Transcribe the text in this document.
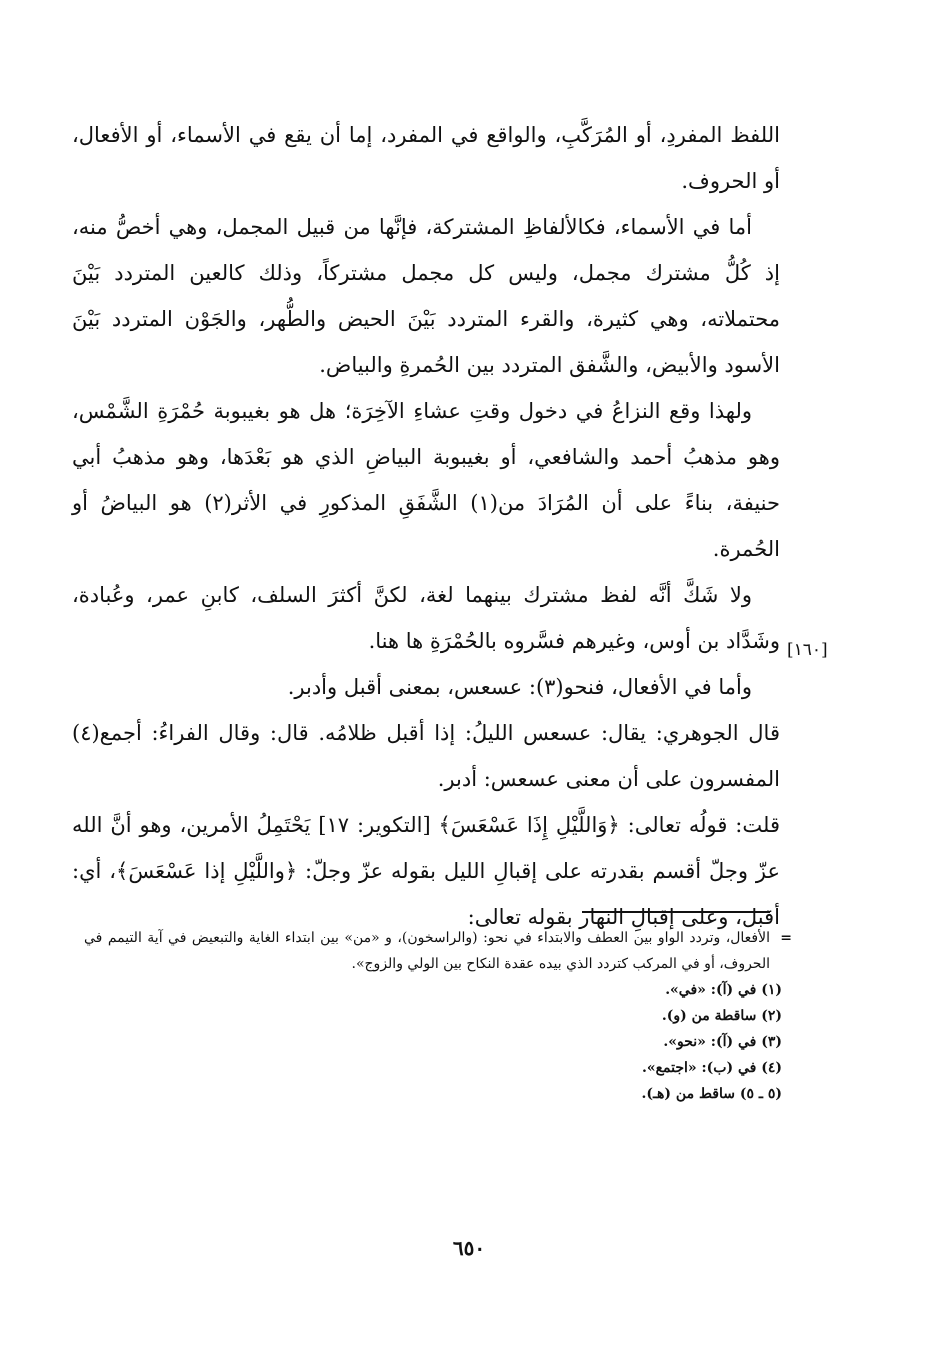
اللفظ المفردِ، أو المُرَكَّبِ، والواقع في المفرد، إما أن يقع في الأسماء، أو الأفعال، أو الحروف.

أما في الأسماء، فكالألفاظِ المشتركة، فإنَّها من قبيل المجمل، وهي أخصُّ منه، إذ كُلُّ مشترك مجمل، وليس كل مجمل مشتركاً، وذلك كالعين المتردد بَيْنَ محتملاته، وهي كثيرة، والقرء المتردد بَيْنَ الحيض والطُّهر، والجَوْن المتردد بَيْنَ الأسود والأبيض، والشَّفق المتردد بين الحُمرةِ والبياض.

ولهذا وقع النزاعُ في دخول وقتِ عشاءِ الآخِرَة؛ هل هو بغيبوبة حُمْرَةِ الشَّمْس، وهو مذهبُ أحمد والشافعي، أو بغيبوبة البياضِ الذي هو بَعْدَها، وهو مذهبُ أبي حنيفة، بناءً على أن المُرَادَ من(١) الشَّفَقِ المذكورِ في الأثر(٢) هو البياضُ أو الحُمرة.

ولا شَكَّ أنَّه لفظ مشترك بينهما لغة، لكنَّ أكثرَ السلف، كابنِ عمر، وعُبادة، وشَدَّاد بن أوس، وغيرهم فسَّروه بالحُمْرَةِ ها هنا.

وأما في الأفعال، فنحو(٣): عسعس، بمعنى أقبل وأدبر.

قال الجوهري: يقال: عسعس الليلُ: إذا أقبل ظلامُه. قال: وقال الفراءُ: أجمع(٤) المفسرون على أن معنى عسعس: أدبر.

قلت: قولُه تعالى: ﴿وَاللَّيْلِ إِذَا عَسْعَسَ﴾ [التكوير: ١٧] يَحْتَمِلُ الأمرين، وهو أنَّ الله عزّ وجلّ أقسم بقدرته على إقبالِ الليل بقوله عزّ وجلّ: ﴿واللَّيْلِ إذا عَسْعَسَ﴾، أي: أقبل، وعلى إقبالِ النهار بقوله تعالى:

[١٦٠]
=
الأفعال، وتردد الواو بين العطف والابتداء في نحو: (والراسخون)، و «من» بين ابتداء الغاية والتبعيض في آية التيمم في الحروف، أو في المركب كتردد الذي بيده عقدة النكاح بين الولي والزوج».
(١) في (آ): «في».
(٢) ساقطة من (و).
(٣) في (آ): «نحو».
(٤) في (ب): «اجتمع».
(٥ ـ ٥) ساقط من (هـ).
٦٥٠
